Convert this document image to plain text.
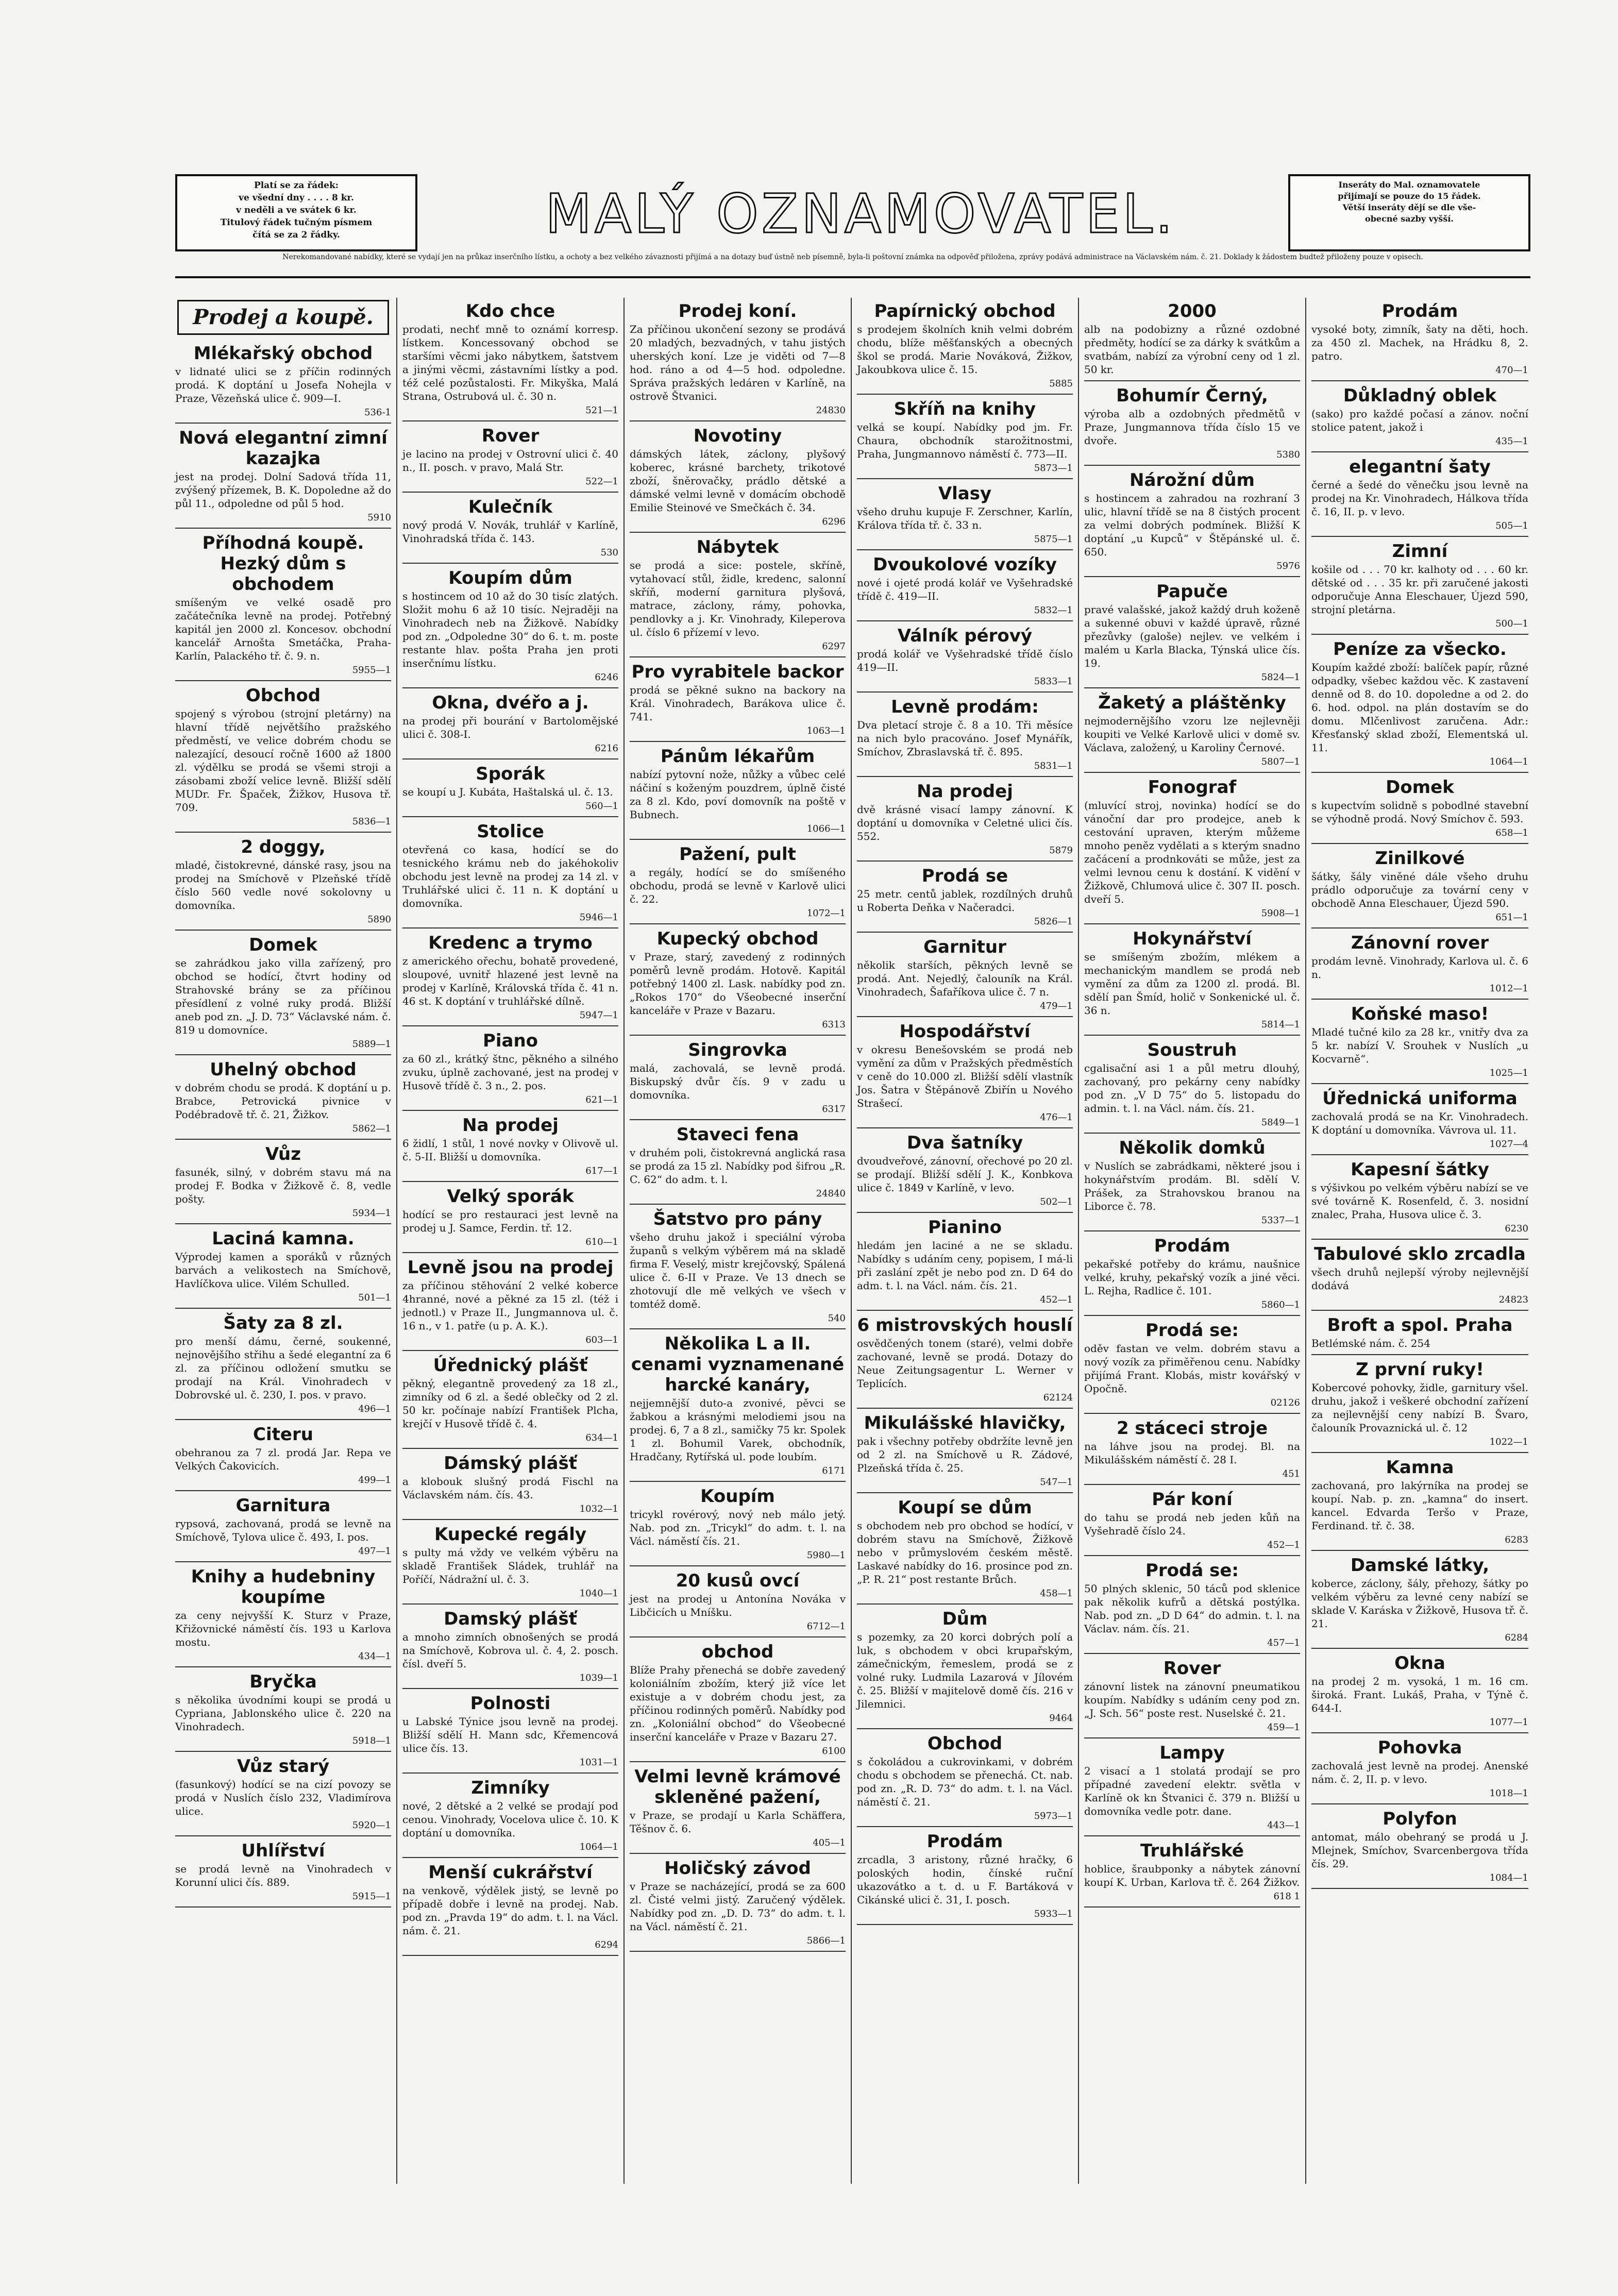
Platí se za řádek:
ve všední dny . . . . 8 kr.
v neděli a ve svátek 6 kr.
Titulový řádek tučným písmem
čítá se za 2 řádky.	MALÝ OZNAMOVATEL.	Inseráty do Mal. oznamovatele
přijímají se pouze do 15 řádek.
Větší inseráty dějí se dle vše-
obecné sazby vyšší.
Nerekomandované nabídky, které se vydají jen na průkaz inserčního lístku, a ochoty a bez velkého závaznosti přijímá a na dotazy buď ústně neb písemně, byla-li poštovní známka na odpověď přiložena, zprávy podává administrace na Václavském nám. č. 21. Doklady k žádostem budtež přiloženy pouze v opisech.
Prodej a koupě.
Mlékařský obchod
v lidnaté ulici se z příčin rodinných prodá. K doptání u Josefa Nohejla v Praze, Vězeňská ulice č. 909—I.
536-1
Nová elegantní zimní kazajka
jest na prodej. Dolní Sadová třída 11, zvýšený přízemek, B. K. Dopoledne až do půl 11., odpoledne od půl 5 hod.
5910
Příhodná koupě. Hezký dům s obchodem
smíšeným ve velké osadě pro začátečníka levně na prodej. Potřebný kapitál jen 2000 zl. Koncesov. obchodní kancelář Arnošta Smetáčka, Praha-Karlín, Palackého tř. č. 9. n.
5955—1
Obchod
spojený s výrobou (strojní pletárny) na hlavní třídě největšího pražského předměstí, ve velice dobrém chodu se nalezající, desoucí ročně 1600 až 1800 zl. výdělku se prodá se všemi stroji a zásobami zboží velice levně. Bližší sdělí MUDr. Fr. Špaček, Žižkov, Husova tř. 709.
5836—1
2 doggy,
mladé, čistokrevné, dánské rasy, jsou na prodej na Smíchově v Plzeňské třídě číslo 560 vedle nové sokolovny u domovníka.
5890
Domek
se zahrádkou jako villa zařízený, pro obchod se hodící, čtvrt hodiny od Strahovské brány se za příčinou přesídlení z volné ruky prodá. Bližší aneb pod zn. „J. D. 73“ Václavské nám. č. 819 u domovníce.
5889—1
Uhelný obchod
v dobrém chodu se prodá. K doptání u p. Brabce, Petrovická pivnice v Podébradově tř. č. 21, Žižkov.
5862—1
Vůz
fasunék, silný, v dobrém stavu má na prodej F. Bodka v Žižkově č. 8, vedle pošty.
5934—1
Laciná kamna.
Výprodej kamen a sporáků v různých barvách a velikostech na Smíchově, Havlíčkova ulice. Vilém Schulled.
501—1
Šaty za 8 zl.
pro menší dámu, černé, soukenné, nejnovějšího střihu a šedé elegantní za 6 zl. za příčinou odložení smutku se prodají na Král. Vinohradech v Dobrovské ul. č. 230, I. pos. v pravo.
496—1
Citeru
obehranou za 7 zl. prodá Jar. Repa ve Velkých Čakovicích.
499—1
Garnitura
rypsová, zachovaná, prodá se levně na Smíchově, Tylova ulice č. 493, I. pos.
497—1
Knihy a hudebniny koupíme
za ceny nejvyšší K. Sturz v Praze, Křižovnické náměstí čís. 193 u Karlova mostu.
434—1
Bryčka
s několika úvodními koupi se prodá u Cypriana, Jablonského ulice č. 220 na Vinohradech.
5918—1
Vůz starý
(fasunkový) hodící se na cizí povozy se prodá v Nuslích číslo 232, Vladimírova ulice.
5920—1
Uhlířství
se prodá levně na Vinohradech v Korunní ulici čís. 889.
5915—1
Kdo chce
prodati, nechť mně to oznámí korresp. lístkem. Koncessovaný obchod se staršími věcmi jako nábytkem, šatstvem a jinými věcmi, zástavními lístky a pod. též celé pozůstalosti. Fr. Mikyška, Malá Strana, Ostrubová ul. č. 30 n.
521—1
Rover
je lacino na prodej v Ostrovní ulici č. 40 n., II. posch. v pravo, Malá Str.
522—1
Kulečník
nový prodá V. Novák, truhlář v Karlíně, Vinohradská třída č. 143.
530
Koupím dům
s hostincem od 10 až do 30 tisíc zlatých. Složit mohu 6 až 10 tisíc. Nejraději na Vinohradech neb na Žižkově. Nabídky pod zn. „Odpoledne 30“ do 6. t. m. poste restante hlav. pošta Praha jen proti inserčnímu lístku.
6246
Okna, dvéřo a j.
na prodej při bourání v Bartolomějské ulici č. 308-I.
6216
Sporák
se koupí u J. Kubáta, Haštalská ul. č. 13.
560—1
Stolice
otevřená co kasa, hodící se do tesnického krámu neb do jakéhokoliv obchodu jest levně na prodej za 14 zl. v Truhlářské ulici č. 11 n. K doptání u domovníka.
5946—1
Kredenc a trymo
z amerického ořechu, bohatě provedené, sloupové, uvnitř hlazené jest levně na prodej v Karlíně, Královská třída č. 41 n. 46 st. K doptání v truhlářské dílně.
5947—1
Piano
za 60 zl., krátký štnc, pěkného a silného zvuku, úplně zachované, jest na prodej v Husově třídě č. 3 n., 2. pos.
621—1
Na prodej
6 židlí, 1 stůl, 1 nové novky v Olivově ul. č. 5-II. Bližší u domovníka.
617—1
Velký sporák
hodící se pro restauraci jest levně na prodej u J. Samce, Ferdin. tř. 12.
610—1
Levně jsou na prodej
za příčinou stěhování 2 velké koberce 4hranné, nové a pěkné za 15 zl. (též i jednotl.) v Praze II., Jungmannova ul. č. 16 n., v 1. patře (u p. A. K.).
603—1
Úřednický plášť
pěkný, elegantně provedený za 18 zl., zimníky od 6 zl. a šedé oblečky od 2 zl. 50 kr. počínaje nabízí František Plcha, krejčí v Husově třídě č. 4.
634—1
Dámský plášť
a klobouk slušný prodá Fischl na Václavském nám. čís. 43.
1032—1
Kupecké regály
s pulty má vždy ve velkém výběru na skladě František Sládek, truhlář na Poříčí, Nádražní ul. č. 3.
1040—1
Damský plášť
a mnoho zimních obnošených se prodá na Smíchově, Kobrova ul. č. 4, 2. posch. čísl. dveří 5.
1039—1
Polnosti
u Labské Týnice jsou levně na prodej. Bližší sdělí H. Mann sdc, Křemencová ulice čís. 13.
1031—1
Zimníky
nové, 2 dětské a 2 velké se prodají pod cenou. Vinohrady, Vocelova ulice č. 10. K doptání u domovníka.
1064—1
Menší cukrářství
na venkově, výdělek jistý, se levně po případě dobře i levně na prodej. Nab. pod zn. „Pravda 19“ do adm. t. l. na Václ. nám. č. 21.
6294
Prodej koní.
Za příčinou ukončení sezony se prodává 20 mladých, bezvadných, v tahu jistých uherských koní. Lze je viděti od 7—8 hod. ráno a od 4—5 hod. odpoledne. Správa pražských ledáren v Karlíně, na ostrově Štvanici.
24830
Novotiny
dámských látek, záclony, plyšový koberec, krásné barchety, trikotové zboží, šněrovačky, prádlo dětské a dámské velmi levně v domácím obchodě Emilie Steinové ve Smečkách č. 34.
6296
Nábytek
se prodá a sice: postele, skříně, vytahovací stůl, židle, kredenc, salonní skříň, moderní garnitura plyšová, matrace, záclony, rámy, pohovka, pendlovky a j. Kr. Vinohrady, Kileperova ul. číslo 6 přízemí v levo.
6297
Pro vyrabitele backor
prodá se pěkné sukno na backory na Král. Vinohradech, Barákova ulice č. 741.
1063—1
Pánům lékařům
nabízí pytovní nože, nůžky a vůbec celé náčiní s koženým pouzdrem, úplně čisté za 8 zl. Kdo, poví domovník na poště v Bubnech.
1066—1
Pažení, pult
a regály, hodící se do smíšeného obchodu, prodá se levně v Karlově ulici č. 22.
1072—1
Kupecký obchod
v Praze, starý, zavedený z rodinných poměrů levně prodám. Hotově. Kapitál potřebný 1400 zl. Lask. nabídky pod zn. „Rokos 170“ do Všeobecné inserční kanceláře v Praze v Bazaru.
6313
Singrovka
malá, zachovalá, se levně prodá. Biskupský dvůr čís. 9 v zadu u domovníka.
6317
Staveci fena
v druhém poli, čistokrevná anglická rasa se prodá za 15 zl. Nabídky pod šifrou „R. C. 62“ do adm. t. l.
24840
Šatstvo pro pány
všeho druhu jakož i speciální výroba županů s velkým výběrem má na skladě firma F. Veselý, mistr krejčovský, Spálená ulice č. 6-II v Praze. Ve 13 dnech se zhotovují dle mě velkých ve všech v tomtéž domě.
540
Několika L a II. cenami vyznamenané harcké kanáry,
nejjemnější duto-a zvonivé, pěvci se žabkou a krásnými melodiemi jsou na prodej. 6, 7 a 8 zl., samičky 75 kr. Spolek 1 zl. Bohumil Varek, obchodník, Hradčany, Rytířská ul. pode loubím.
6171
Koupím
tricykl rovérový, nový neb málo jetý. Nab. pod zn. „Tricykl“ do adm. t. l. na Václ. náměstí čís. 21.
5980—1
20 kusů ovcí
jest na prodej u Antonína Nováka v Libčicích u Mníšku.
6712—1
obchod
Blíže Prahy přenechá se dobře zavedený koloniálním zbožím, který již více let existuje a v dobrém chodu jest, za příčinou rodinných poměrů. Nabídky pod zn. „Koloniální obchod“ do Všeobecné inserční kanceláře v Praze v Bazaru 27.
6100
Velmi levně krámové skleněné pažení,
v Praze, se prodají u Karla Schäffera, Těšnov č. 6.
405—1
Holičský závod
v Praze se nacházející, prodá se za 600 zl. Čisté velmi jistý. Zaručený výdělek. Nabídky pod zn. „D. D. 73“ do adm. t. l. na Václ. náměstí č. 21.
5866—1
Papírnický obchod
s prodejem školních knih velmi dobrém chodu, blíže měšťanských a obecných škol se prodá. Marie Nováková, Žižkov, Jakoubkova ulice č. 15.
5885
Skříň na knihy
velká se koupí. Nabídky pod jm. Fr. Chaura, obchodník starožitnostmi, Praha, Jungmannovo náměstí č. 773—II.
5873—1
Vlasy
všeho druhu kupuje F. Zerschner, Karlín, Králova třída tř. č. 33 n.
5875—1
Dvoukolové vozíky
nové i ojeté prodá kolář ve Vyšehradské třídě č. 419—II.
5832—1
Válník pérový
prodá kolář ve Vyšehradské třídě číslo 419—II.
5833—1
Levně prodám:
Dva pletací stroje č. 8 a 10. Tři měsíce na nich bylo pracováno. Josef Mynářík, Smíchov, Zbraslavská tř. č. 895.
5831—1
Na prodej
dvě krásné visací lampy zánovní. K doptání u domovníka v Celetné ulici čís. 552.
5879
Prodá se
25 metr. centů jablek, rozdílných druhů u Roberta Deňka v Načeradci.
5826—1
Garnitur
několik starších, pěkných levně se prodá. Ant. Nejedlý, čalouník na Král. Vinohradech, Šafaříkova ulice č. 7 n.
479—1
Hospodářství
v okresu Benešovském se prodá neb vymění za dům v Pražských předměstích v ceně do 10.000 zl. Bližší sdělí vlastník Jos. Šatra v Štěpánově Zbiřín u Nového Strašecí.
476—1
Dva šatníky
dvoudveřové, zánovní, ořechové po 20 zl. se prodají. Bližší sdělí J. K., Konbkova ulice č. 1849 v Karlíně, v levo.
502—1
Pianino
hledám jen laciné a ne se skladu. Nabídky s udáním ceny, popisem, I má-li při zaslání zpět je nebo pod zn. D 64 do adm. t. l. na Václ. nám. čís. 21.
452—1
6 mistrovských houslí
osvědčených tonem (staré), velmi dobře zachované, levně se prodá. Dotazy do Neue Zeitungsagentur L. Werner v Teplicích.
62124
Mikulášské hlavičky,
pak i všechny potřeby obdržíte levně jen od 2 zl. na Smíchově u R. Zádové, Plzeňská třída č. 25.
547—1
Koupí se dům
s obchodem neb pro obchod se hodící, v dobrém stavu na Smíchově, Žižkově nebo v průmyslovém českém městě. Laskavé nabídky do 16. prosince pod zn. „P. R. 21“ post restante Brůch.
458—1
Dům
s pozemky, za 20 korci dobrých polí a luk, s obchodem v obci krupařským, zámečnickým, řemeslem, prodá se z volné ruky. Ludmila Lazarová v Jílovém č. 25. Bližší v majitelově domě čís. 216 v Jilemnici.
9464
Obchod
s čokoládou a cukrovinkami, v dobrém chodu s obchodem se přenechá. Ct. nab. pod zn. „R. D. 73“ do adm. t. l. na Václ. náměstí č. 21.
5973—1
Prodám
zrcadla, 3 aristony, různé hračky, 6 poloských hodin, čínské ruční ukazovátko a t. d. u F. Bartáková v Cikánské ulici č. 31, I. posch.
5933—1
2000
alb na podobizny a různé ozdobné předměty, hodící se za dárky k svátkům a svatbám, nabízí za výrobní ceny od 1 zl. 50 kr.
Bohumír Černý,
výroba alb a ozdobných předmětů v Praze, Jungmannova třída číslo 15 ve dvoře.
5380
Nárožní dům
s hostincem a zahradou na rozhraní 3 ulic, hlavní třídě se na 8 čistých procent za velmi dobrých podmínek. Bližší K doptání „u Kupců“ v Štěpánské ul. č. 650.
5976
Papuče
pravé valašské, jakož každý druh koženě a sukenné obuvi v každé úpravě, různé přezůvky (galoše) nejlev. ve velkém i malém u Karla Blacka, Týnská ulice čís. 19.
5824—1
Žaketý a pláštěnky
nejmodernějšího vzoru lze nejlevněji koupiti ve Velké Karlově ulici v domě sv. Václava, založený, u Karoliny Černové.
5807—1
Fonograf
(mluvící stroj, novinka) hodící se do vánoční dar pro prodejce, aneb k cestování upraven, kterým můžeme mnoho peněz vydělati a s kterým snadno začácení a prodnkováti se může, jest za velmi levnou cenu k dostání. K vidění v Žižkově, Chlumová ulice č. 307 II. posch. dveří 5.
5908—1
Hokynářství
se smíšeným zbožím, mlékem a mechanickým mandlem se prodá neb vymění za dům za 1200 zl. prodá. Bl. sdělí pan Šmíd, holič v Sonkenické ul. č. 36 n.
5814—1
Soustruh
cgalisační asi 1 a půl metru dlouhý, zachovaný, pro pekárny ceny nabídky pod zn. „V D 75“ do 5. listopadu do admin. t. l. na Václ. nám. čís. 21.
5849—1
Několik domků
v Nuslích se zabrádkami, některé jsou i hokynářstvím prodám. Bl. sdělí V. Prášek, za Strahovskou branou na Liborce č. 78.
5337—1
Prodám
pekařské potřeby do krámu, naušnice velké, kruhy, pekařský vozík a jiné věci. L. Rejha, Radlice č. 101.
5860—1
Prodá se:
oděv fastan ve velm. dobrém stavu a nový vozík za přiměřenou cenu. Nabídky přijímá Frant. Klobás, mistr kovářský v Opočně.
02126
2 stáceci stroje
na láhve jsou na prodej. Bl. na Mikulášském náměstí č. 28 I.
451
Pár koní
do tahu se prodá neb jeden kůň na Vyšehradě číslo 24.
452—1
Prodá se:
50 plných sklenic, 50 táců pod sklenice pak několik kufrů a dětská postýlka. Nab. pod zn. „D D 64“ do admin. t. l. na Václav. nám. čís. 21.
457—1
Rover
zánovní listek na zánovní pneumatikou koupím. Nabídky s udáním ceny pod zn. „J. Sch. 56“ poste rest. Nuselské č. 21.
459—1
Lampy
2 visací a 1 stolatá prodají se pro případné zavedení elektr. světla v Karlíně ok kn Štvanici č. 379 n. Bližší u domovníka vedle potr. dane.
443—1
Truhlářské
hoblice, šraubponky a nábytek zánovní koupí K. Urban, Karlova tř. č. 264 Žižkov.
618 1
Prodám
vysoké boty, zimník, šaty na děti, hoch. za 450 zl. Machek, na Hrádku 8, 2. patro.
470—1
Důkladný oblek
(sako) pro každé počasí a zánov. noční stolice patent, jakož i
435—1
elegantní šaty
černé a šedé do věnečku jsou levně na prodej na Kr. Vinohradech, Hálkova třída č. 16, II. p. v levo.
505—1
Zimní
košile od . . . 70 kr. kalhoty od . . . 60 kr. dětské od . . . 35 kr. při zaručené jakosti odporučuje Anna Eleschauer, Újezd 590, strojní pletárna.
500—1
Peníze za všecko.
Koupím každé zboží: balíček papír, různé odpadky, všebec každou věc. K zastavení denně od 8. do 10. dopoledne a od 2. do 6. hod. odpol. na plán dostavím se do domu. Mlčenlivost zaručena. Adr.: Křesťanský sklad zboží, Elementská ul. 11.
1064—1
Domek
s kupectvím solidně s pobodlné stavební se výhodně prodá. Nový Smíchov č. 593.
658—1
Zinilkové
šátky, šály viněné dále všeho druhu prádlo odporučuje za tovární ceny v obchodě Anna Eleschauer, Újezd 590.
651—1
Zánovní rover
prodám levně. Vinohrady, Karlova ul. č. 6 n.
1012—1
Koňské maso!
Mladé tučné kilo za 28 kr., vnitřy dva za 5 kr. nabízí V. Srouhek v Nuslích „u Kocvarně“.
1025—1
Úřednická uniforma
zachovalá prodá se na Kr. Vinohradech. K doptání u domovníka. Vávrova ul. 11.
1027—4
Kapesní šátky
s výšivkou po velkém výběru nabízí se ve své továrně K. Rosenfeld, č. 3. nosidní znalec, Praha, Husova ulice č. 3.
6230
Tabulové sklo zrcadla
všech druhů nejlepší výroby nejlevnější dodává
24823
Broft a spol. Praha
Betlémské nám. č. 254
Z první ruky!
Kobercové pohovky, židle, garnitury všel. druhu, jakož i veškeré obchodní zařízení za nejlevnější ceny nabízí B. Švaro, čalouník Provaznická ul. č. 12
1022—1
Kamna
zachovaná, pro lakýrníka na prodej se koupí. Nab. p. zn. „kamna“ do insert. kancel. Edvarda Teršo v Praze, Ferdinand. tř. č. 38.
6283
Damské látky,
koberce, záclony, šály, přehozy, šátky po velkém výběru za levné ceny nabízí se sklade V. Karáska v Žižkově, Husova tř. č. 21.
6284
Okna
na prodej 2 m. vysoká, 1 m. 16 cm. široká. Frant. Lukáš, Praha, v Týně č. 644-I.
1077—1
Pohovka
zachovalá jest levně na prodej. Anenské nám. č. 2, II. p. v levo.
1018—1
Polyfon
antomat, málo obehraný se prodá u J. Mlejnek, Smíchov, Svarcenbergova třída čís. 29.
1084—1
